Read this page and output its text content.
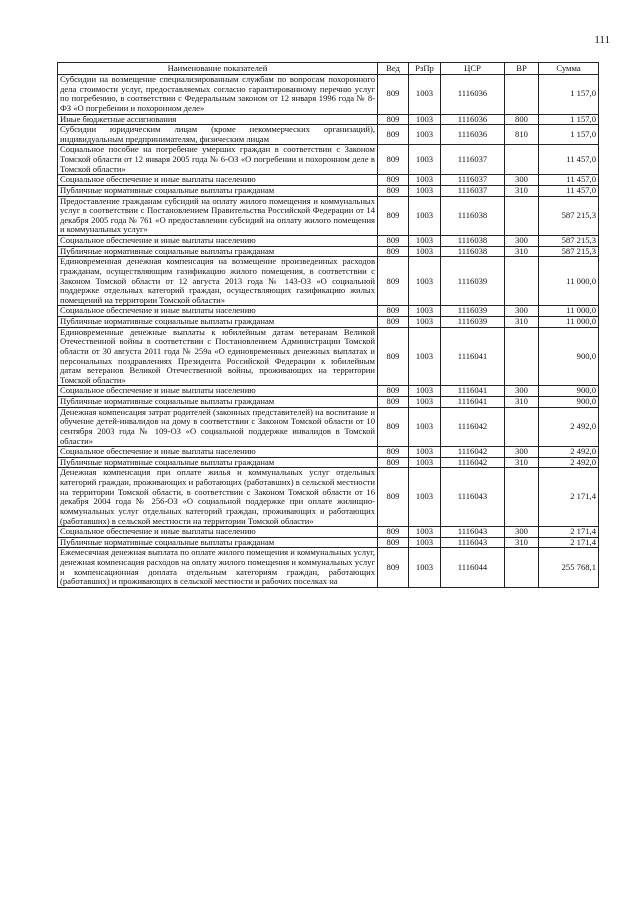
111
Наименование показателей	Вед	РзПр	ЦСР	ВР	Сумма
Субсидии на возмещение специализированным службам по вопросам похоронного дела стоимости услуг, предоставляемых согласно гарантированному перечню услуг по погребению, в соответствии с Федеральным законом от 12 января 1996 года № 8-ФЗ «О погребении и похоронном деле»	809	1003	1116036		1 157,0
Иные бюджетные ассигнования	809	1003	1116036	800	1 157,0
Субсидии юридическим лицам (кроме некоммерческих организаций), индивидуальным предпринимателям, физическим лицам	809	1003	1116036	810	1 157,0
Социальное пособие на погребение умерших граждан в соответствии с Законом Томской области от 12 января 2005 года № 6-ОЗ «О погребении и похоронном деле в Томской области»	809	1003	1116037		11 457,0
Социальное обеспечение и иные выплаты населению	809	1003	1116037	300	11 457,0
Публичные нормативные социальные выплаты гражданам	809	1003	1116037	310	11 457,0
Предоставление гражданам субсидий на оплату жилого помещения и коммунальных услуг в соответствии с Постановлением Правительства Российской Федерации от 14 декабря 2005 года № 761 «О предоставлении субсидий на оплату жилого помещения и коммунальных услуг»	809	1003	1116038		587 215,3
Социальное обеспечение и иные выплаты населению	809	1003	1116038	300	587 215,3
Публичные нормативные социальные выплаты гражданам	809	1003	1116038	310	587 215,3
Единовременная денежная компенсация на возмещение произведенных расходов гражданам, осуществляющим газификацию жилого помещения, в соответствии с Законом Томской области от 12 августа 2013 года № 143-ОЗ «О социальной поддержке отдельных категорий граждан, осуществляющих газификацию жилых помещений на территории Томской области»	809	1003	1116039		11 000,0
Социальное обеспечение и иные выплаты населению	809	1003	1116039	300	11 000,0
Публичные нормативные социальные выплаты гражданам	809	1003	1116039	310	11 000,0
Единовременные денежные выплаты к юбилейным датам ветеранам Великой Отечественной войны в соответствии с Постановлением Администрации Томской области от 30 августа 2011 года № 259а «О единовременных денежных выплатах и персональных поздравлениях Президента Российской Федерации к юбилейным датам ветеранов Великой Отечественной войны, проживающих на территории Томской области»	809	1003	1116041		900,0
Социальное обеспечение и иные выплаты населению	809	1003	1116041	300	900,0
Публичные нормативные социальные выплаты гражданам	809	1003	1116041	310	900,0
Денежная компенсация затрат родителей (законных представителей) на воспитание и обучение детей-инвалидов на дому в соответствии с Законом Томской области от 10 сентября 2003 года № 109-ОЗ «О социальной поддержке инвалидов в Томской области»	809	1003	1116042		2 492,0
Социальное обеспечение и иные выплаты населению	809	1003	1116042	300	2 492,0
Публичные нормативные социальные выплаты гражданам	809	1003	1116042	310	2 492,0
Денежная компенсация при оплате жилья и коммунальных услуг отдельных категорий граждан, проживающих и работающих (работавших) в сельской местности на территории Томской области, в соответствии с Законом Томской области от 16 декабря 2004 года № 256-ОЗ «О социальной поддержке при оплате жилищно-коммунальных услуг отдельных категорий граждан, проживающих и работающих (работавших) в сельской местности на территории Томской области»	809	1003	1116043		2 171,4
Социальное обеспечение и иные выплаты населению	809	1003	1116043	300	2 171,4
Публичные нормативные социальные выплаты гражданам	809	1003	1116043	310	2 171,4
Ежемесячная денежная выплата по оплате жилого помещения и коммунальных услуг, денежная компенсация расходов на оплату жилого помещения и коммунальных услуг и компенсационная доплата отдельным категориям граждан, работающих (работавших) и проживающих в сельской местности и рабочих поселках на	809	1003	1116044		255 768,1
